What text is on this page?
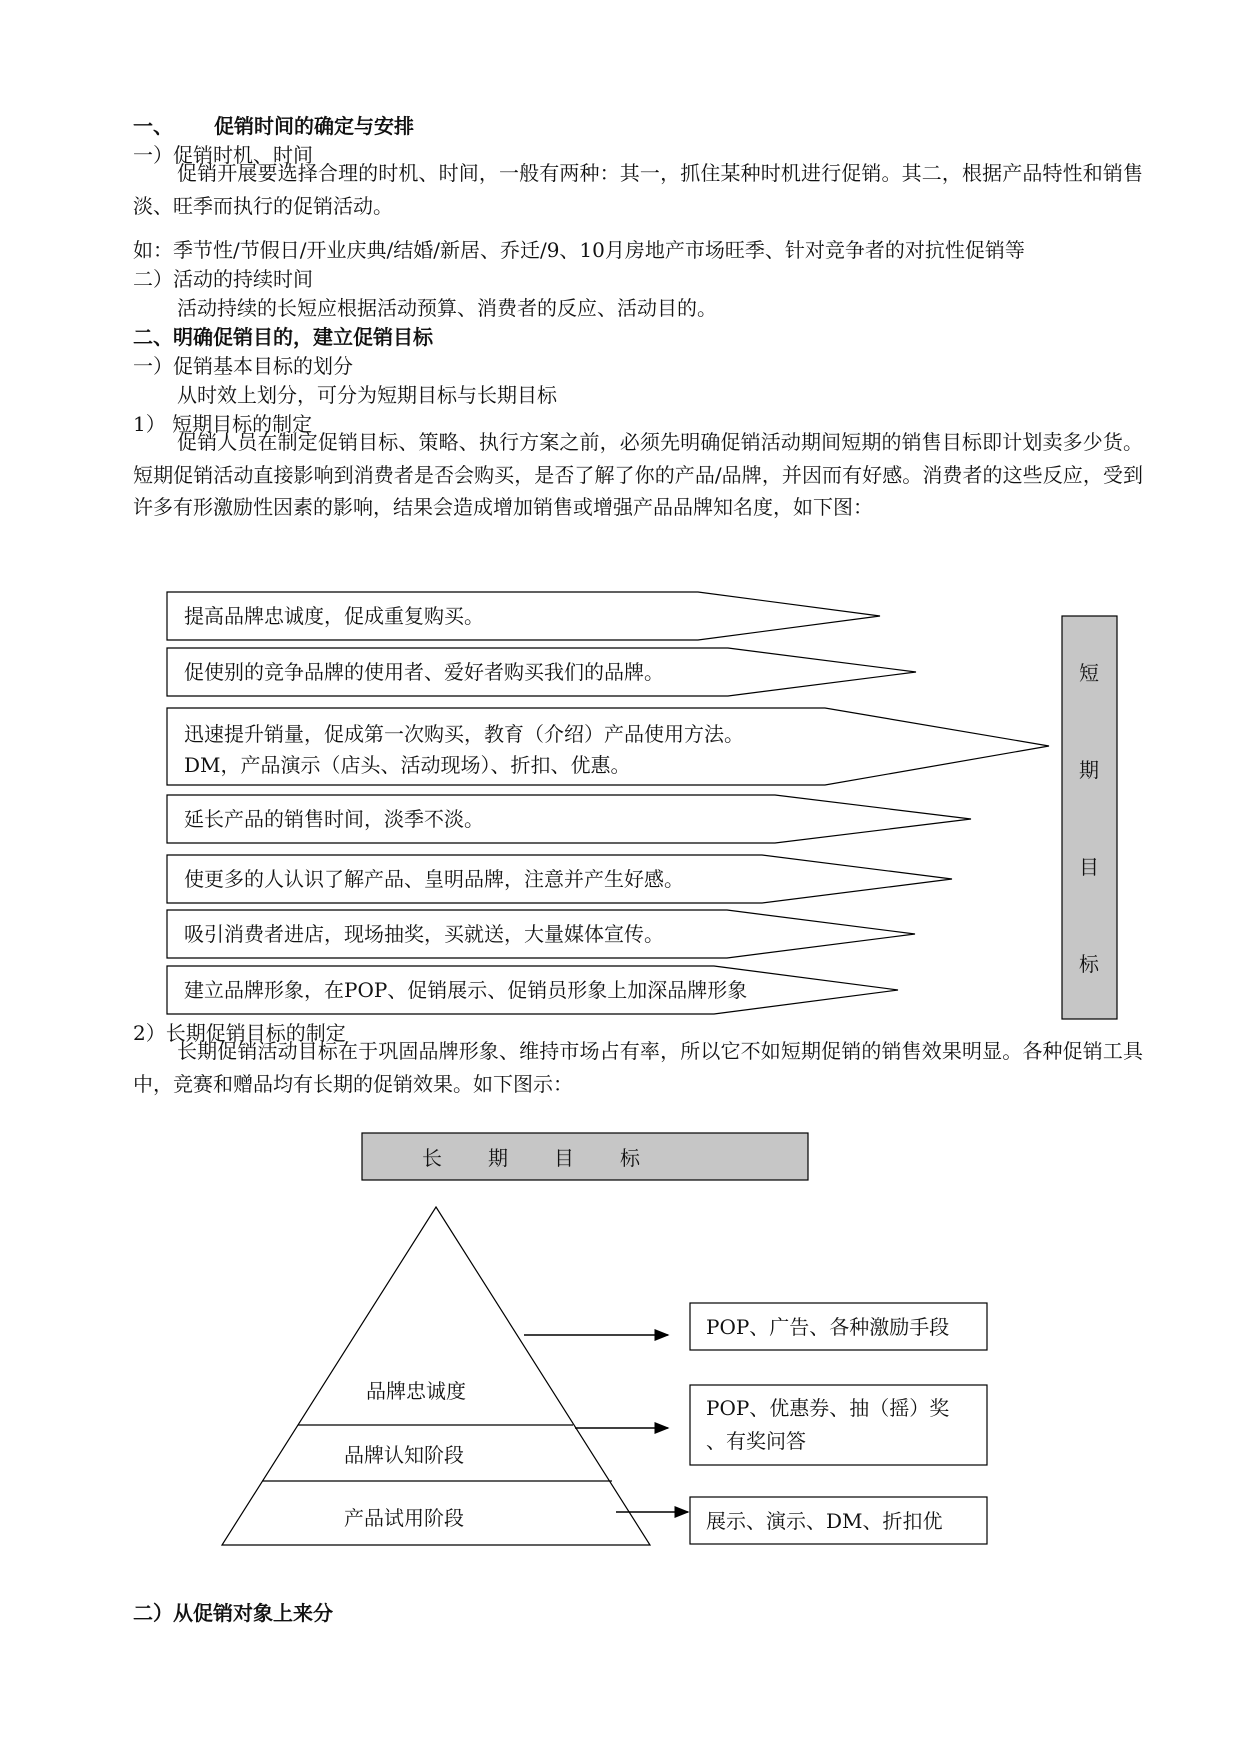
一、 促销时间的确定与安排
一）促销时机、时间
促销开展要选择合理的时机、时间，一般有两种：其一，抓住某种时机进行促销。其二，根据产品特性和销售淡、旺季而执行的促销活动。
如：季节性/节假日/开业庆典/结婚/新居、乔迁/9、10月房地产市场旺季、针对竞争者的对抗性促销等
二）活动的持续时间
活动持续的长短应根据活动预算、消费者的反应、活动目的。
二、明确促销目的，建立促销目标
一）促销基本目标的划分
从时效上划分，可分为短期目标与长期目标
1） 短期目标的制定
促销人员在制定促销目标、策略、执行方案之前，必须先明确促销活动期间短期的销售目标即计划卖多少货。短期促销活动直接影响到消费者是否会购买，是否了解了你的产品/品牌，并因而有好感。消费者的这些反应，受到许多有形激励性因素的影响，结果会造成增加销售或增强产品品牌知名度，如下图：
提高品牌忠诚度，促成重复购买。
促使别的竞争品牌的使用者、爱好者购买我们的品牌。
迅速提升销量，促成第一次购买，教育（介绍）产品使用方法。
DM，产品演示（店头、活动现场）、折扣、优惠。
延长产品的销售时间，淡季不淡。
使更多的人认识了解产品、皇明品牌，注意并产生好感。
吸引消费者进店，现场抽奖，买就送，大量媒体宣传。
建立品牌形象，在POP、促销展示、促销员形象上加深品牌形象
短
期
目
标
2）长期促销目标的制定
长期促销活动目标在于巩固品牌形象、维持市场占有率，所以它不如短期促销的销售效果明显。各种促销工具中，竞赛和赠品均有长期的促销效果。如下图示：
长 期 目 标
品牌忠诚度
品牌认知阶段
产品试用阶段
POP、广告、各种激励手段
POP、优惠券、抽（摇）奖
、有奖问答
展示、演示、DM、折扣优
二）从促销对象上来分
